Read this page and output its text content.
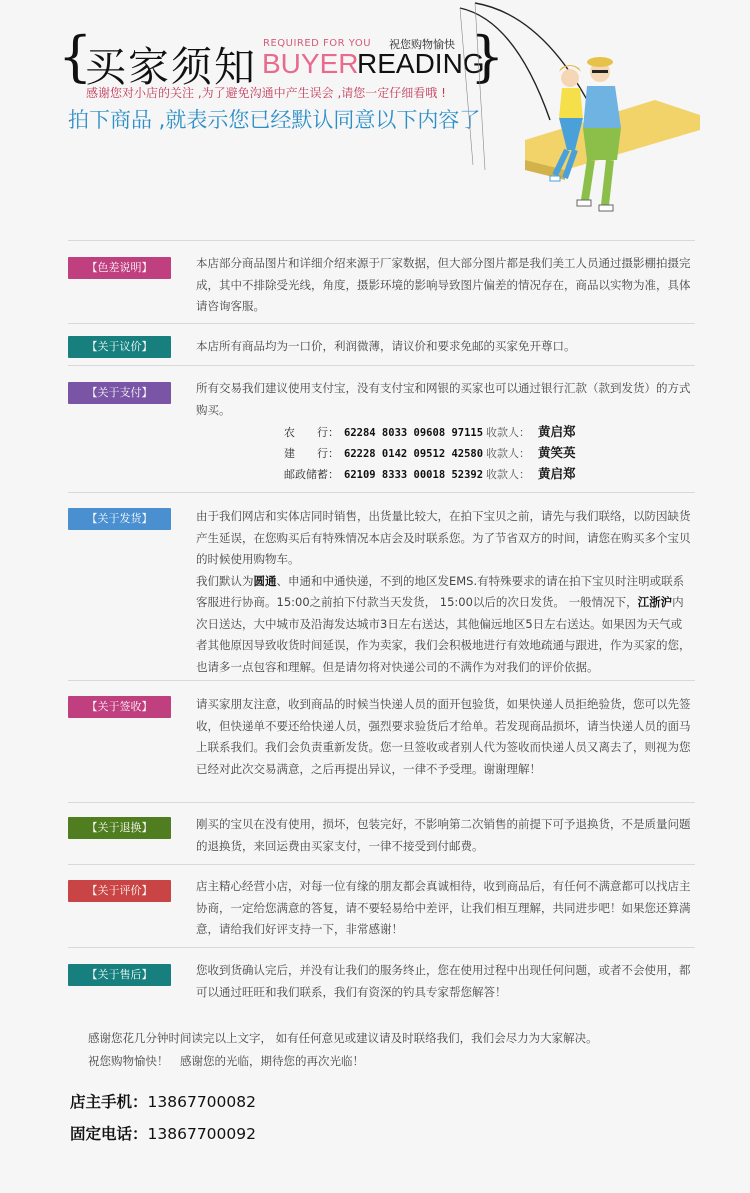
{
买家须知 REQUIRED FOR YOU 祝您购物愉快
BUYER
READING
}
感谢您对小店的关注 ,为了避免沟通中产生误会 ,请您一定仔细看哦 !
拍下商品 ,就表示您已经默认同意以下内容了
【色差说明】	本店部分商品图片和详细介绍来源于厂家数据，但大部分图片都是我们美工人员通过摄影棚拍摄完成，其中不排除受光线，角度，摄影环境的影响导致图片偏差的情况存在，商品以实物为准，具体请咨询客服。
【关于议价】	本店所有商品均为一口价，利润微薄，请议价和要求免邮的买家免开尊口。
【关于支付】	所有交易我们建议使用支付宝，没有支付宝和网银的买家也可以通过银行汇款（款到发货）的方式购买。
农　　行： 62284 8033 09608 97115 收款人： 黄启郑
建　　行： 62228 0142 09512 42580 收款人： 黄笑英
邮政储蓄： 62109 8333 00018 52392 收款人： 黄启郑
【关于发货】	由于我们网店和实体店同时销售，出货量比较大，在拍下宝贝之前，请先与我们联络，以防因缺货产生延误，在您购买后有特殊情况本店会及时联系您。为了节省双方的时间，请您在购买多个宝贝的时候使用购物车。

我们默认为圆通、申通和中通快递，不到的地区发EMS.有特殊要求的请在拍下宝贝时注明或联系客服进行协商。15:00之前拍下付款当天发货， 15:00以后的次日发货。 一般情况下，江浙沪内次日送达，大中城市及沿海发达城市3日左右送达，其他偏远地区5日左右送达。如果因为天气或者其他原因导致收货时间延误，作为卖家，我们会积极地进行有效地疏通与跟进，作为买家的您，也请多一点包容和理解。但是请勿将对快递公司的不满作为对我们的评价依据。

【关于签收】	请买家朋友注意，收到商品的时候当快递人员的面开包验货，如果快递人员拒绝验货，您可以先签收，但快递单不要还给快递人员，强烈要求验货后才给单。若发现商品损坏，请当快递人员的面马上联系我们。我们会负责重新发货。您一旦签收或者别人代为签收而快递人员又离去了，则视为您已经对此次交易满意，之后再提出异议，一律不予受理。谢谢理解！
【关于退换】	刚买的宝贝在没有使用，损坏，包装完好，不影响第二次销售的前提下可予退换货，不是质量问题的退换货，来回运费由买家支付，一律不接受到付邮费。
【关于评价】	店主精心经营小店，对每一位有缘的朋友都会真诚相待，收到商品后，有任何不满意都可以找店主协商，一定给您满意的答复，请不要轻易给中差评，让我们相互理解，共同进步吧！如果您还算满意，请给我们好评支持一下，非常感谢！
【关于售后】	您收到货确认完后，并没有让我们的服务终止，您在使用过程中出现任何问题，或者不会使用，都可以通过旺旺和我们联系，我们有资深的钓具专家帮您解答！
感谢您花几分钟时间读完以上文字， 如有任何意见或建议请及时联络我们，我们会尽力为大家解决。
祝您购物愉快！　感谢您的光临，期待您的再次光临！
店主手机：13867700082
固定电话：13867700092
